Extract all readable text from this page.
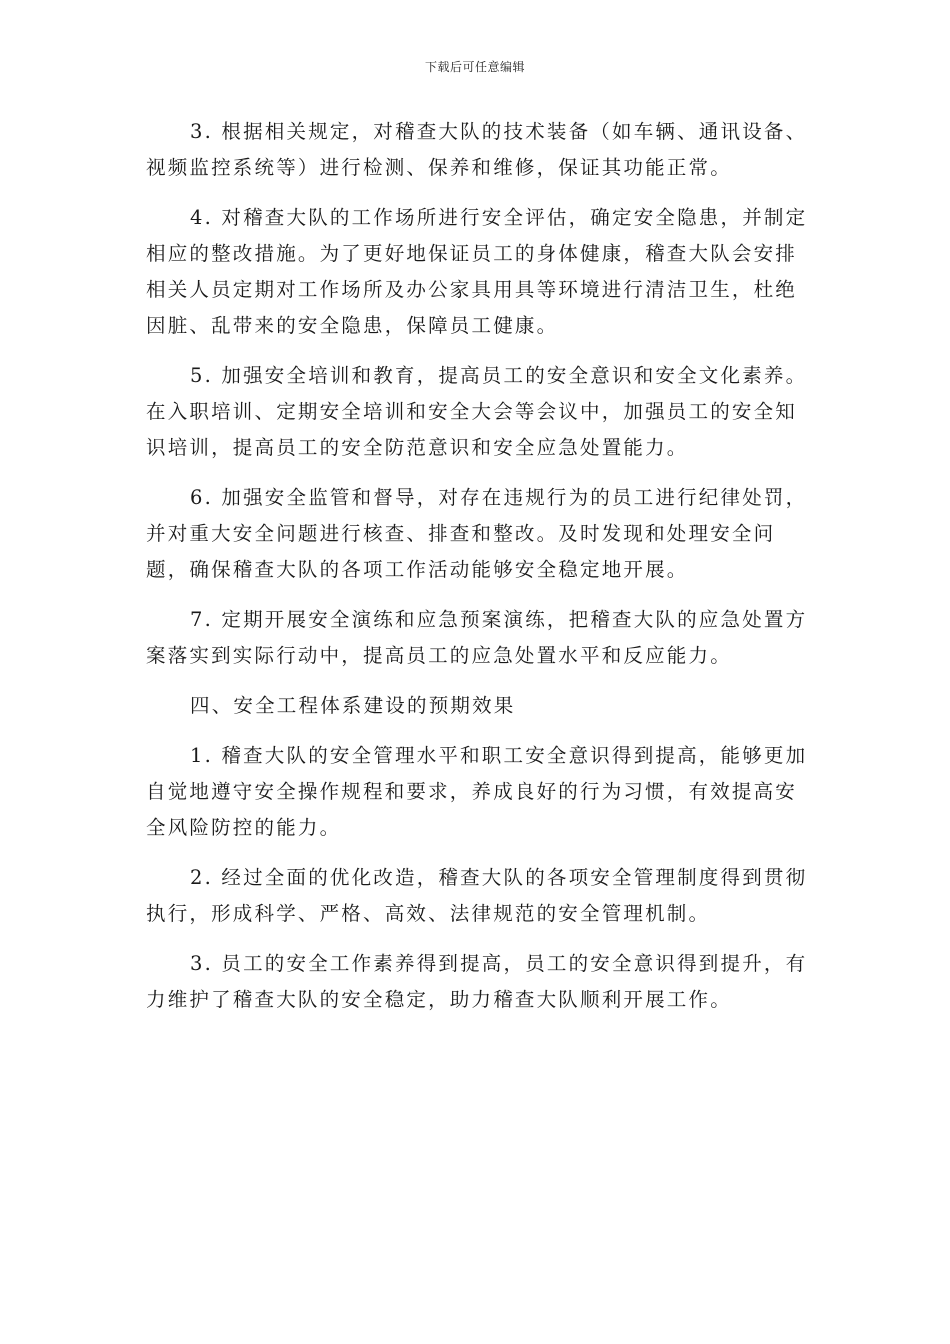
下载后可任意编辑

3. 根据相关规定，对稽查大队的技术装备（如车辆、通讯设备、视频监控系统等）进行检测、保养和维修，保证其功能正常。

4. 对稽查大队的工作场所进行安全评估，确定安全隐患，并制定相应的整改措施。为了更好地保证员工的身体健康，稽查大队会安排相关人员定期对工作场所及办公家具用具等环境进行清洁卫生，杜绝因脏、乱带来的安全隐患，保障员工健康。

5. 加强安全培训和教育，提高员工的安全意识和安全文化素养。在入职培训、定期安全培训和安全大会等会议中，加强员工的安全知识培训，提高员工的安全防范意识和安全应急处置能力。

6. 加强安全监管和督导，对存在违规行为的员工进行纪律处罚，并对重大安全问题进行核查、排查和整改。及时发现和处理安全问题，确保稽查大队的各项工作活动能够安全稳定地开展。

7. 定期开展安全演练和应急预案演练，把稽查大队的应急处置方案落实到实际行动中，提高员工的应急处置水平和反应能力。

四、安全工程体系建设的预期效果

1. 稽查大队的安全管理水平和职工安全意识得到提高，能够更加自觉地遵守安全操作规程和要求，养成良好的行为习惯，有效提高安全风险防控的能力。

2. 经过全面的优化改造，稽查大队的各项安全管理制度得到贯彻执行，形成科学、严格、高效、法律规范的安全管理机制。

3. 员工的安全工作素养得到提高，员工的安全意识得到提升，有力维护了稽查大队的安全稳定，助力稽查大队顺利开展工作。
